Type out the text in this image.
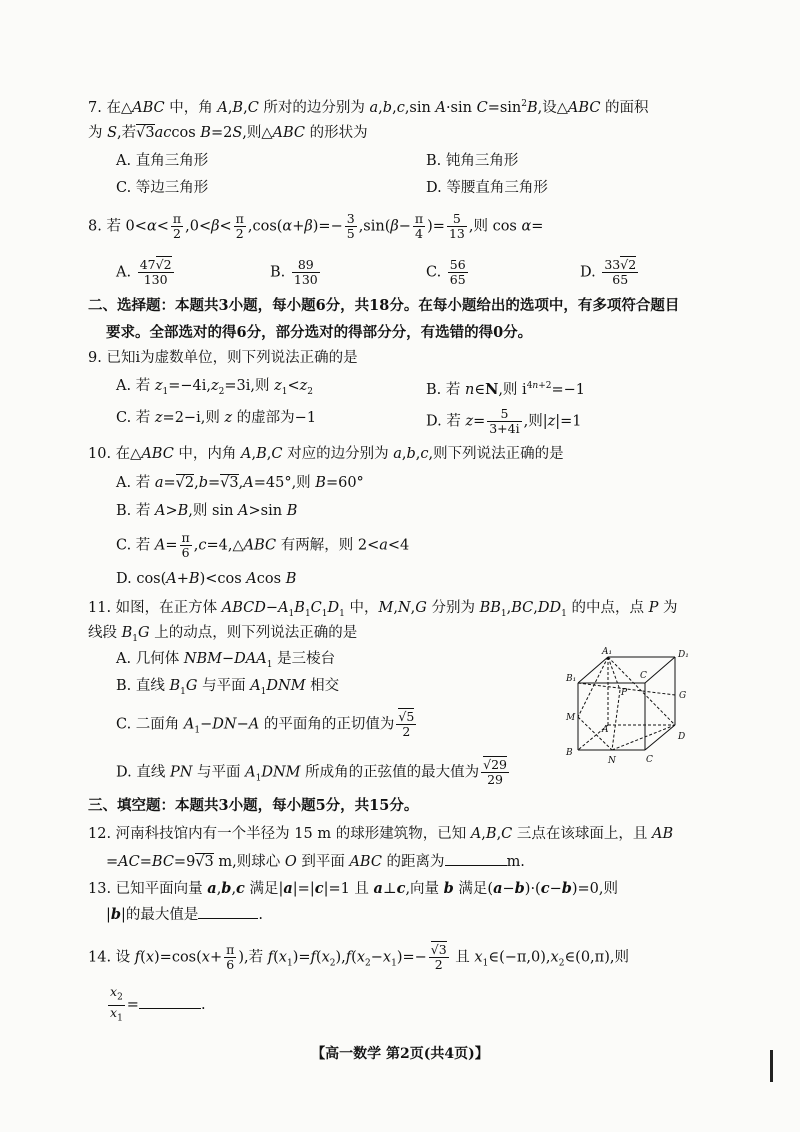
7. 在△ABC 中，角 A,B,C 所对的边分别为 a,b,c,sin A·sin $C=\sin^2B$,设△ABC 的面积
为 S,若√3accos B=2S,则△ABC 的形状为
A. 直角三角形	B. 钝角三角形
C. 等边三角形	D. 等腰直角三角形
8. 若 $0<\alpha< \frac{\pi}{2} ,0<\beta< \frac{\pi}{2} ,\cos(\alpha+\beta)=- \frac{3}{5} ,\sin(\beta- \frac{\pi}{4}$ )= $\frac{5}{13}$ ,则 cos α=
A. $\frac{47√2}{130}$	B. $\frac{89}{130}$	C. $\frac{56}{65}$	D. $\frac{33√2}{65}$
二、选择题：本题共3小题，每小题6分，共18分。在每小题给出的选项中，有多项符合题目
要求。全部选对的得6分，部分选对的得部分分，有选错的得0分。
9. 已知i为虚数单位，则下列说法正确的是
A. 若 $z_1=-4i,z_2=3i$,则 $z_1<z_2$	B. 若 n∈N,则 $i^{4n+2}=-1$
C. 若 z=2−i,则 z 的虚部为−1	D. 若 $z= \frac{5}{3+4i}$ ,则|z|=1
10. 在△ABC 中，内角 A,B,C 对应的边分别为 a,b,c,则下列说法正确的是
A. 若 a=√2,b=√3,A=45°,则 B=60°
B. 若 A>B,则 sin A>sin B
C. 若 $A= \frac{\pi}{6}$ ,c=4,△ABC 有两解，则 2<a<4
D. cos(A+B)<cos Acos B
11. 如图，在正方体 $ABCD-A_1B_1C_1D_1$ 中，M,N,G 分别为 $BB_1,BC,DD_1$ 的中点，点 P 为
线段 $B_1G$ 上的动点，则下列说法正确的是
A. 几何体 $NBM-DAA_1$ 是三棱台
B. 直线 $B_1G$ 与平面 $A_1DNM$ 相交
C. 二面角 $A_1-DN-A$ 的平面角的正切值为 $\frac{√5}{2}$
D. 直线 PN 与平面 $A_1DNM$ 所成角的正弦值的最大值为 $\frac{√29}{29}$
A₁
C
D₁
B₁
P	G
M
A
D
B
N	C
三、填空题：本题共3小题，每小题5分，共15分。
12. 河南科技馆内有一个半径为 15 m 的球形建筑物，已知 A,B,C 三点在该球面上，且 AB
=AC=BC=9√3 m,则球心 O 到平面 ABC 的距离为	m.
13. 已知平面向量 a,b,c 满足|a|=|c|=1 且 a⊥c,向量 b 满足(a−b)·(c−b)=0,则
|b|的最大值是	.
14. 设 $f(x)=\cos(x+ \frac{\pi}{6}$ ),若 $f(x_1)=f(x_2),f(x_2-x_1)=- \frac{√3}{2}$ 且 $x_1\in(-\pi,0),x_2\in(0,\pi)$,则
$\frac{x_2}{x_1}$ =	.
【高一数学 第2页(共4页)】
